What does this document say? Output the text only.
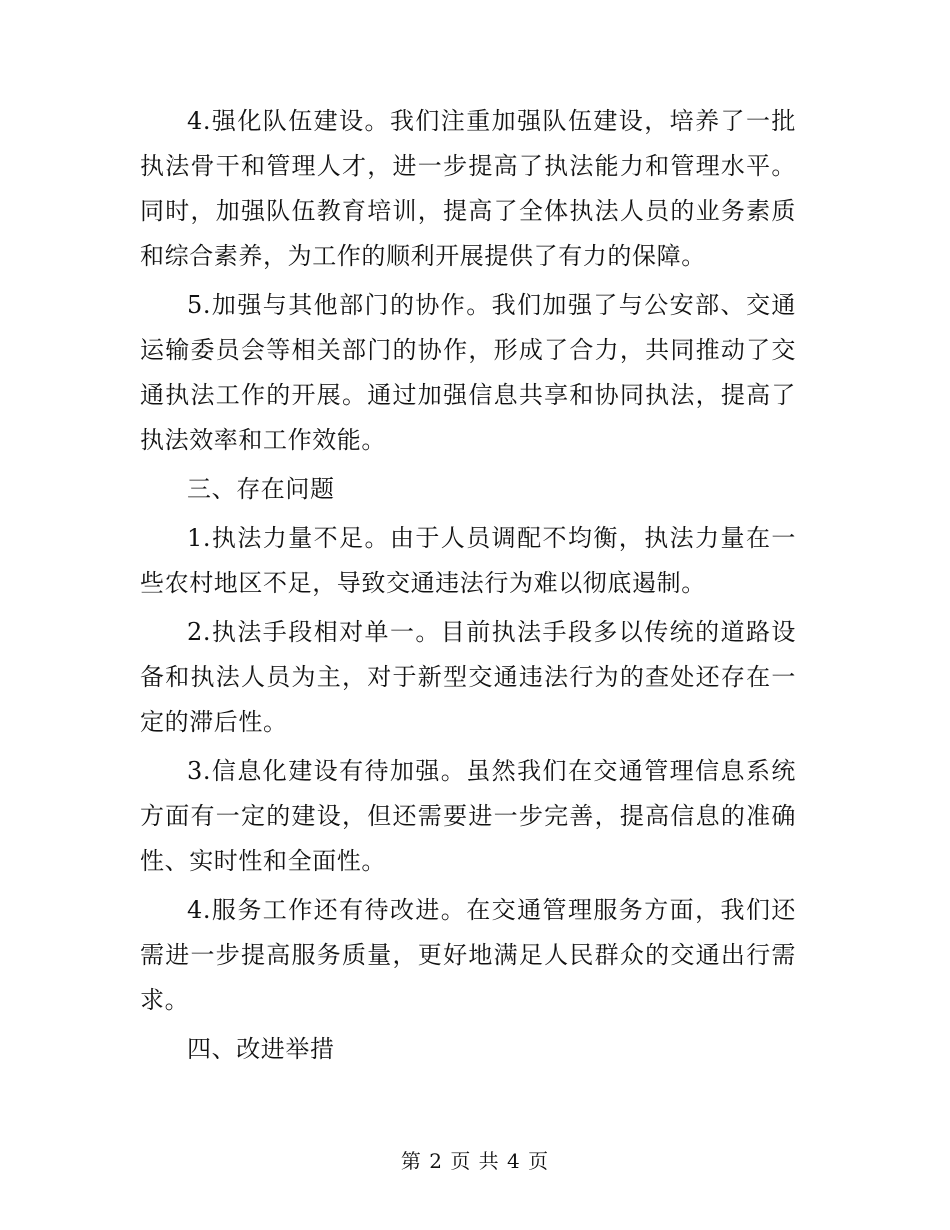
4.强化队伍建设。我们注重加强队伍建设，培养了一批执法骨干和管理人才，进一步提高了执法能力和管理水平。同时，加强队伍教育培训，提高了全体执法人员的业务素质和综合素养，为工作的顺利开展提供了有力的保障。

5.加强与其他部门的协作。我们加强了与公安部、交通运输委员会等相关部门的协作，形成了合力，共同推动了交通执法工作的开展。通过加强信息共享和协同执法，提高了执法效率和工作效能。

三、存在问题

1.执法力量不足。由于人员调配不均衡，执法力量在一些农村地区不足，导致交通违法行为难以彻底遏制。

2.执法手段相对单一。目前执法手段多以传统的道路设备和执法人员为主，对于新型交通违法行为的查处还存在一定的滞后性。

3.信息化建设有待加强。虽然我们在交通管理信息系统方面有一定的建设，但还需要进一步完善，提高信息的准确性、实时性和全面性。

4.服务工作还有待改进。在交通管理服务方面，我们还需进一步提高服务质量，更好地满足人民群众的交通出行需求。

四、改进举措

第 2 页 共 4 页
